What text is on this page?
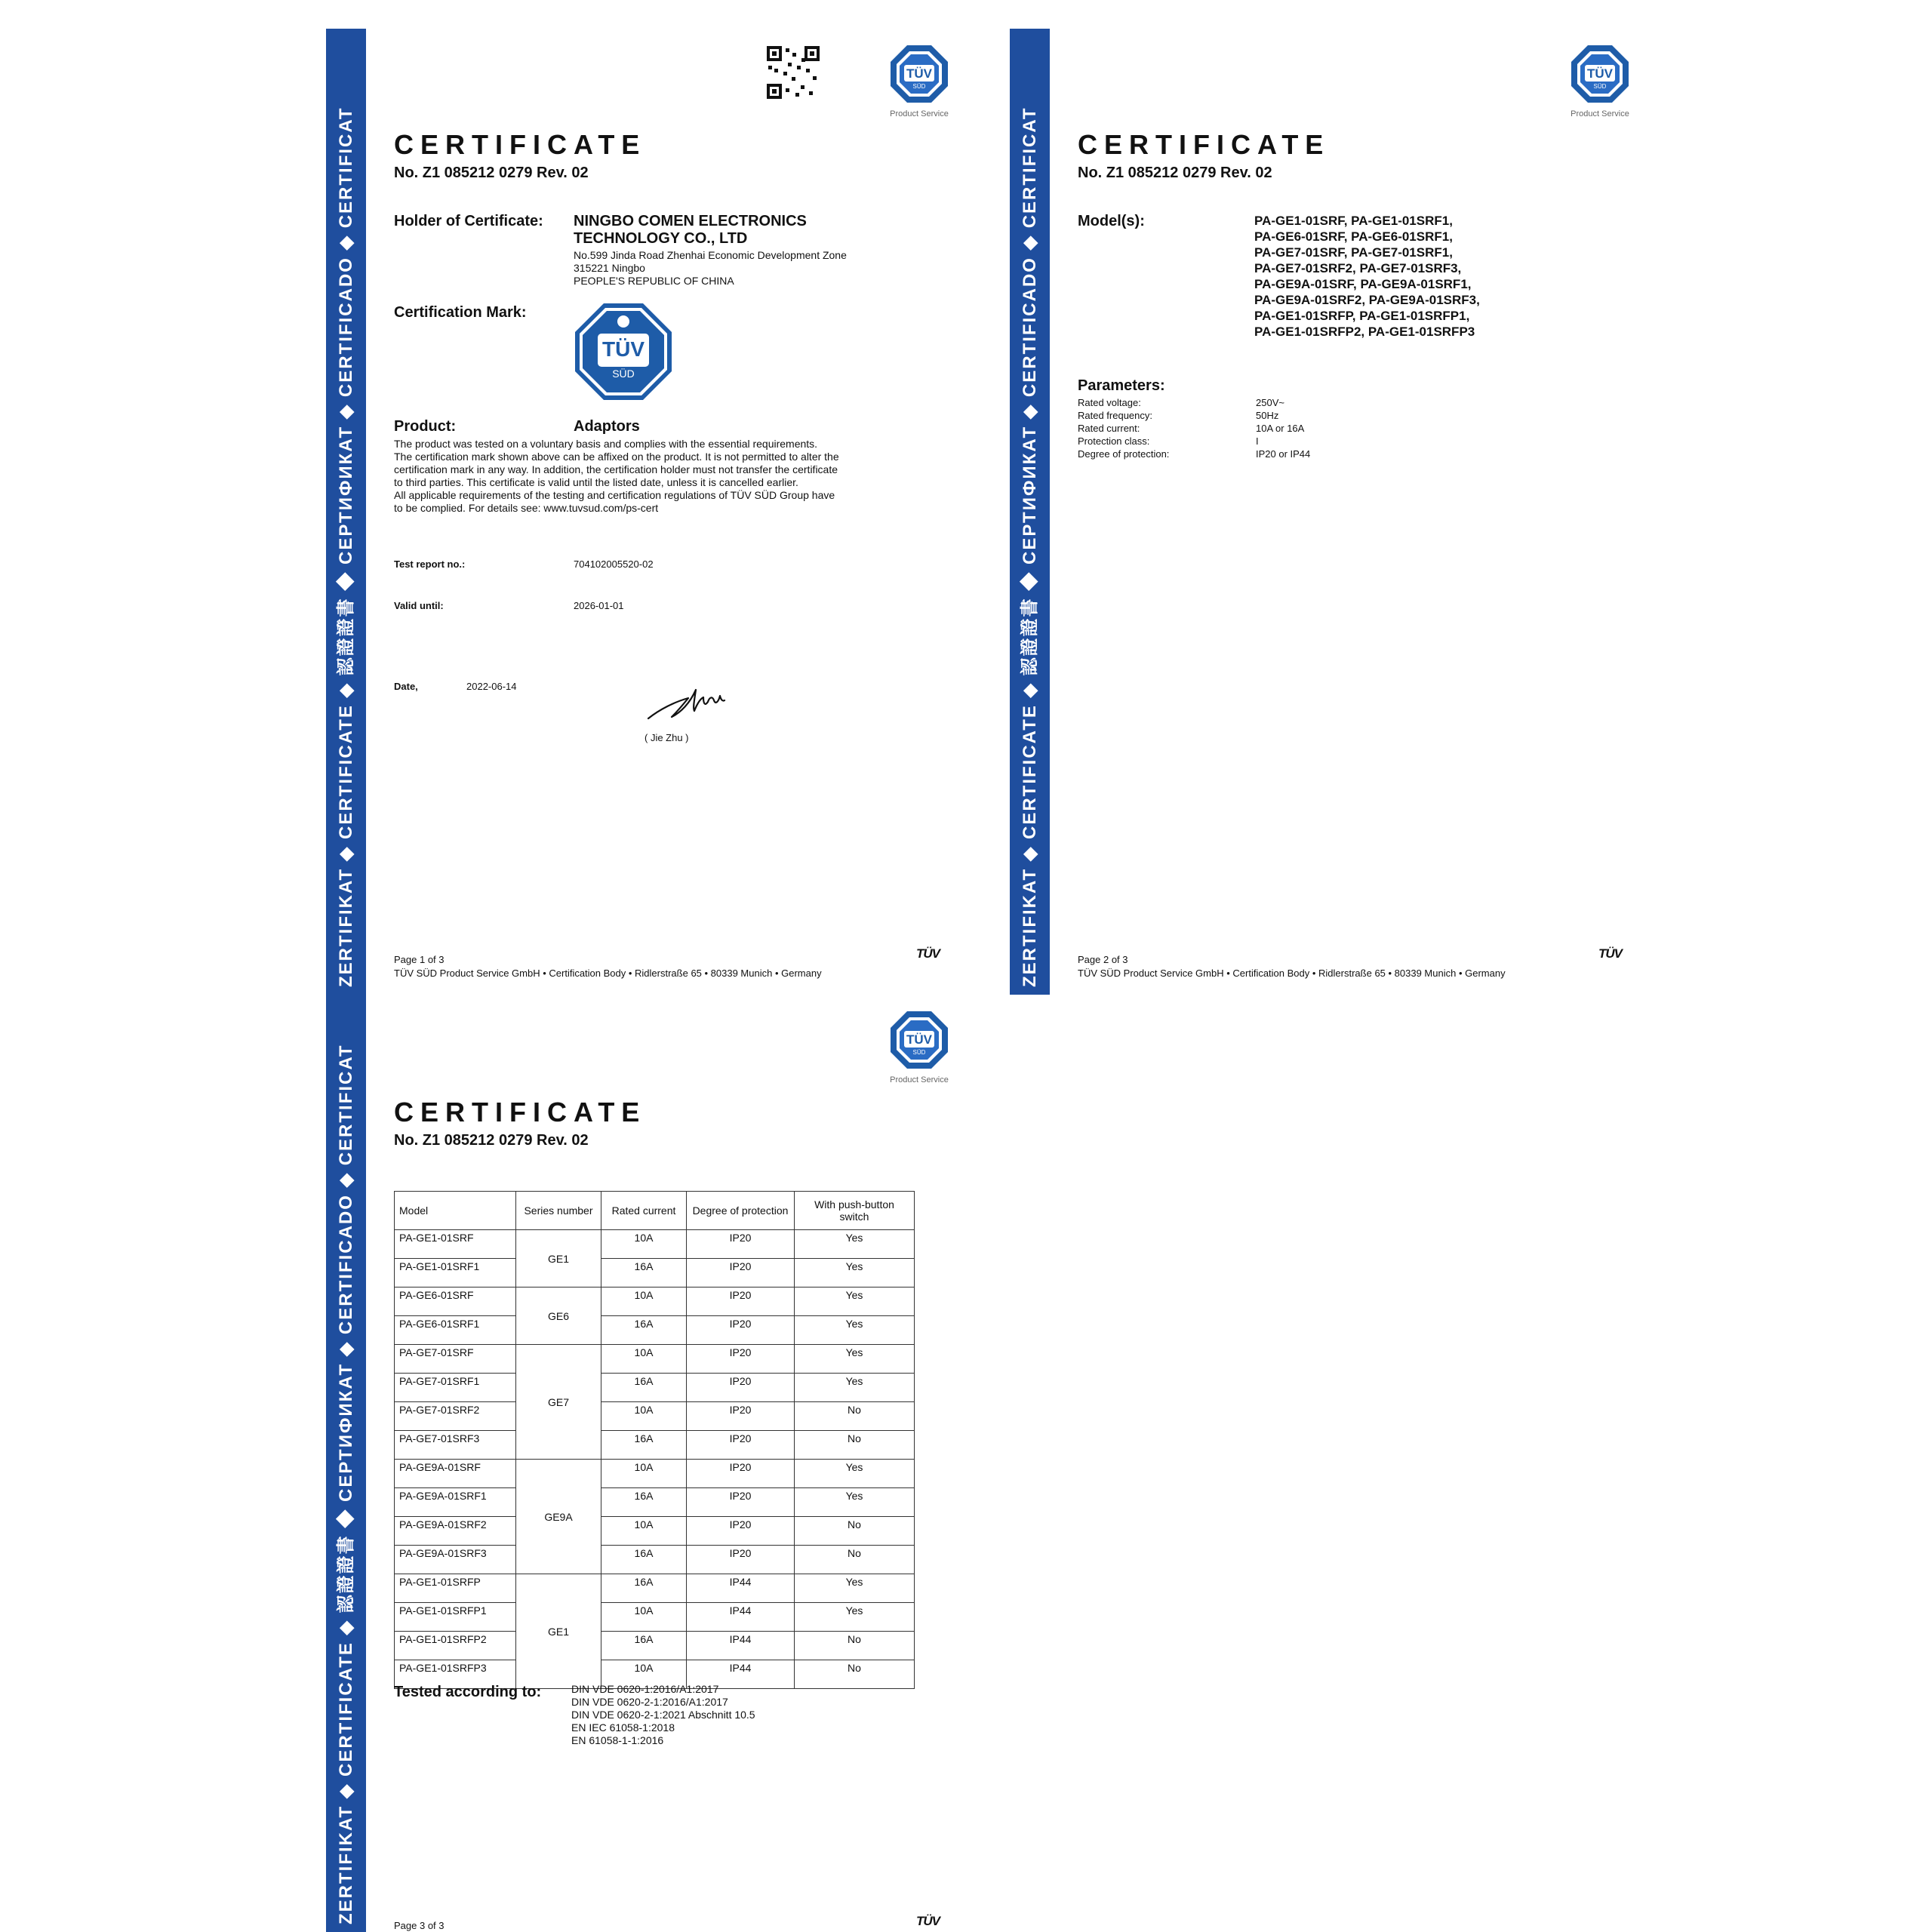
ZERTIFIKAT ◆ CERTIFICATE ◆ 認證證書 ◆ СЕРТИФИКАТ ◆ CERTIFICADO ◆ CERTIFICAT
TÜV
SÜD
Product Service
CERTIFICATE
No. Z1 085212 0279 Rev. 02
Holder of Certificate: NINGBO COMEN ELECTRONICS
TECHNOLOGY CO., LTD
No.599 Jinda Road Zhenhai Economic Development Zone
315221 Ningbo
PEOPLE'S REPUBLIC OF CHINA
Certification Mark:
TÜV
SÜD
Product:	Adaptors
The product was tested on a voluntary basis and complies with the essential requirements.
The certification mark shown above can be affixed on the product. It is not permitted to alter the
certification mark in any way. In addition, the certification holder must not transfer the certificate
to third parties. This certificate is valid until the listed date, unless it is cancelled earlier.
All applicable requirements of the testing and certification regulations of TÜV SÜD Group have
to be complied. For details see: www.tuvsud.com/ps-cert
Test report no.:	704102005520-02
Valid until:	2026-01-01
Date,	2022-06-14
( Jie Zhu )
Page 1 of 3
TÜV SÜD Product Service GmbH • Certification Body • Ridlerstraße 65 • 80339 Munich • Germany
TÜV	ZERTIFIKAT ◆ CERTIFICATE ◆ 認證證書 ◆ СЕРТИФИКАТ ◆ CERTIFICADO ◆ CERTIFICAT
TÜV
SÜD
Product Service
CERTIFICATE
No. Z1 085212 0279 Rev. 02
Model(s):	PA-GE1-01SRF, PA-GE1-01SRF1,
PA-GE6-01SRF, PA-GE6-01SRF1,
PA-GE7-01SRF, PA-GE7-01SRF1,
PA-GE7-01SRF2, PA-GE7-01SRF3,
PA-GE9A-01SRF, PA-GE9A-01SRF1,
PA-GE9A-01SRF2, PA-GE9A-01SRF3,
PA-GE1-01SRFP, PA-GE1-01SRFP1,
PA-GE1-01SRFP2, PA-GE1-01SRFP3
Parameters:
Rated voltage:	250V~
Rated frequency:	50Hz
Rated current:	10A or 16A
Protection class:	I
Degree of protection:	IP20 or IP44
Page 2 of 3
TÜV SÜD Product Service GmbH • Certification Body • Ridlerstraße 65 • 80339 Munich • Germany
TÜV
ZERTIFIKAT ◆ CERTIFICATE ◆ 認證證書 ◆ СЕРТИФИКАТ ◆ CERTIFICADO ◆ CERTIFICAT
TÜV
SÜD
Product Service
CERTIFICATE
No. Z1 085212 0279 Rev. 02
Model	Series number	Rated current	Degree of protection	With push-button switch
PA-GE1-01SRF	GE1	10A	IP20	Yes
PA-GE1-01SRF1		16A	IP20	Yes
PA-GE6-01SRF	GE6	10A	IP20	Yes
PA-GE6-01SRF1		16A	IP20	Yes
PA-GE7-01SRF	GE7	10A	IP20	Yes
PA-GE7-01SRF1		16A	IP20	Yes
PA-GE7-01SRF2		10A	IP20	No
PA-GE7-01SRF3		16A	IP20	No
PA-GE9A-01SRF	GE9A	10A	IP20	Yes
PA-GE9A-01SRF1		16A	IP20	Yes
PA-GE9A-01SRF2		10A	IP20	No
PA-GE9A-01SRF3		16A	IP20	No
PA-GE1-01SRFP	GE1	16A	IP44	Yes
PA-GE1-01SRFP1		10A	IP44	Yes
PA-GE1-01SRFP2		16A	IP44	No
PA-GE1-01SRFP3		10A	IP44	No
Tested according to:	DIN VDE 0620-1:2016/A1:2017
DIN VDE 0620-2-1:2016/A1:2017
DIN VDE 0620-2-1:2021 Abschnitt 10.5
EN IEC 61058-1:2018
EN 61058-1-1:2016
Page 3 of 3	TÜV
